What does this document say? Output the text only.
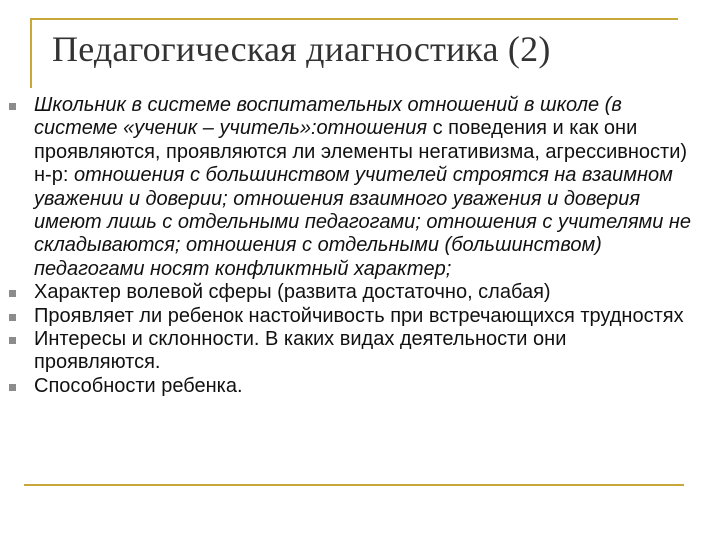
Педагогическая диагностика (2)
Школьник в системе воспитательных отношений в школе (в системе «ученик – учитель»:отношения с поведения и как они проявляются, проявляются ли элементы негативизма, агрессивности) н-р: отношения с большинством учителей строятся на взаимном уважении и доверии; отношения взаимного уважения и доверия имеют лишь с отдельными педагогами; отношения с учителями не складываются; отношения с отдельными (большинством) педагогами носят конфликтный характер;
Характер волевой сферы (развита достаточно, слабая)
Проявляет ли ребенок настойчивость при встречающихся трудностях
Интересы и склонности. В каких видах деятельности они проявляются.
Способности ребенка.
